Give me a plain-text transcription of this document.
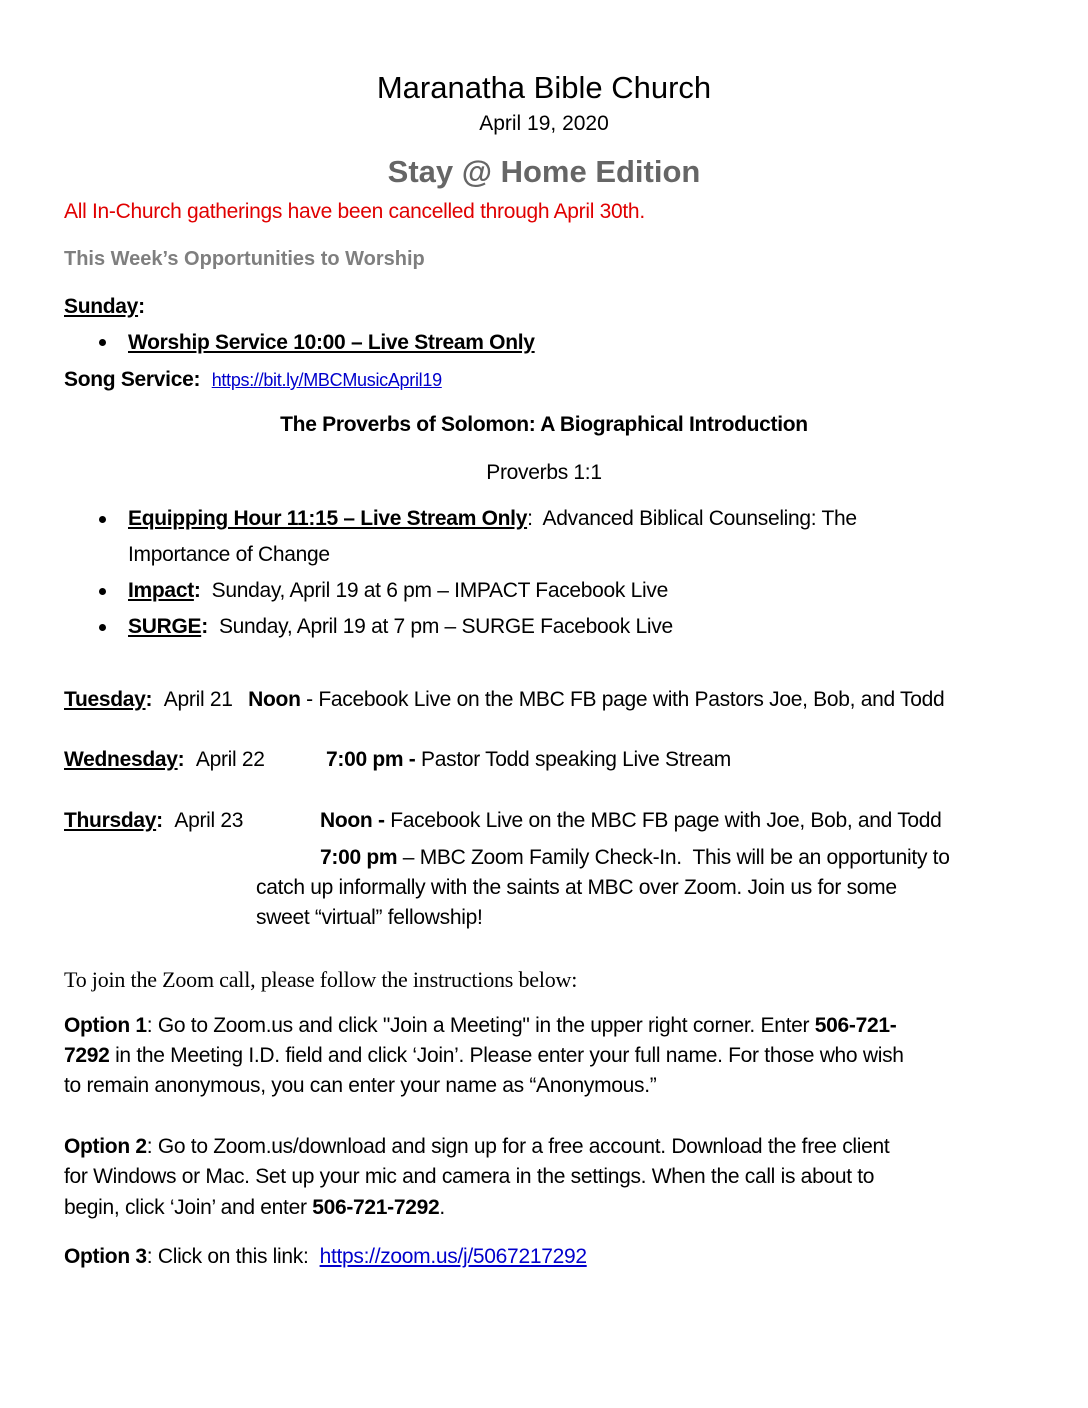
Maranatha Bible Church
April 19, 2020
Stay @ Home Edition
All In-Church gatherings have been cancelled through April 30th.
This Week’s Opportunities to Worship
Sunday:
Worship Service 10:00 – Live Stream Only
Song Service: https://bit.ly/MBCMusicApril19
The Proverbs of Solomon: A Biographical Introduction
Proverbs 1:1
Equipping Hour 11:15 – Live Stream Only:  Advanced Biblical Counseling: The
Importance of Change
Impact:  Sunday, April 19 at 6 pm – IMPACT Facebook Live
SURGE:  Sunday, April 19 at 7 pm – SURGE Facebook Live
Tuesday: April 21 Noon - Facebook Live on the MBC FB page with Pastors Joe, Bob, and Todd
Wednesday: April 22	7:00 pm - Pastor Todd speaking Live Stream
Thursday: April 23	Noon - Facebook Live on the MBC FB page with Joe, Bob, and Todd
7:00 pm – MBC Zoom Family Check-In.  This will be an opportunity to
catch up informally with the saints at MBC over Zoom. Join us for some
sweet “virtual” fellowship!
To join the Zoom call, please follow the instructions below:
Option 1: Go to Zoom.us and click "Join a Meeting" in the upper right corner. Enter 506-721-
7292 in the Meeting I.D. field and click ‘Join’. Please enter your full name. For those who wish
to remain anonymous, you can enter your name as “Anonymous.”
Option 2: Go to Zoom.us/download and sign up for a free account. Download the free client
for Windows or Mac. Set up your mic and camera in the settings. When the call is about to
begin, click ‘Join’ and enter 506-721-7292.
Option 3: Click on this link:  https://zoom.us/j/5067217292
